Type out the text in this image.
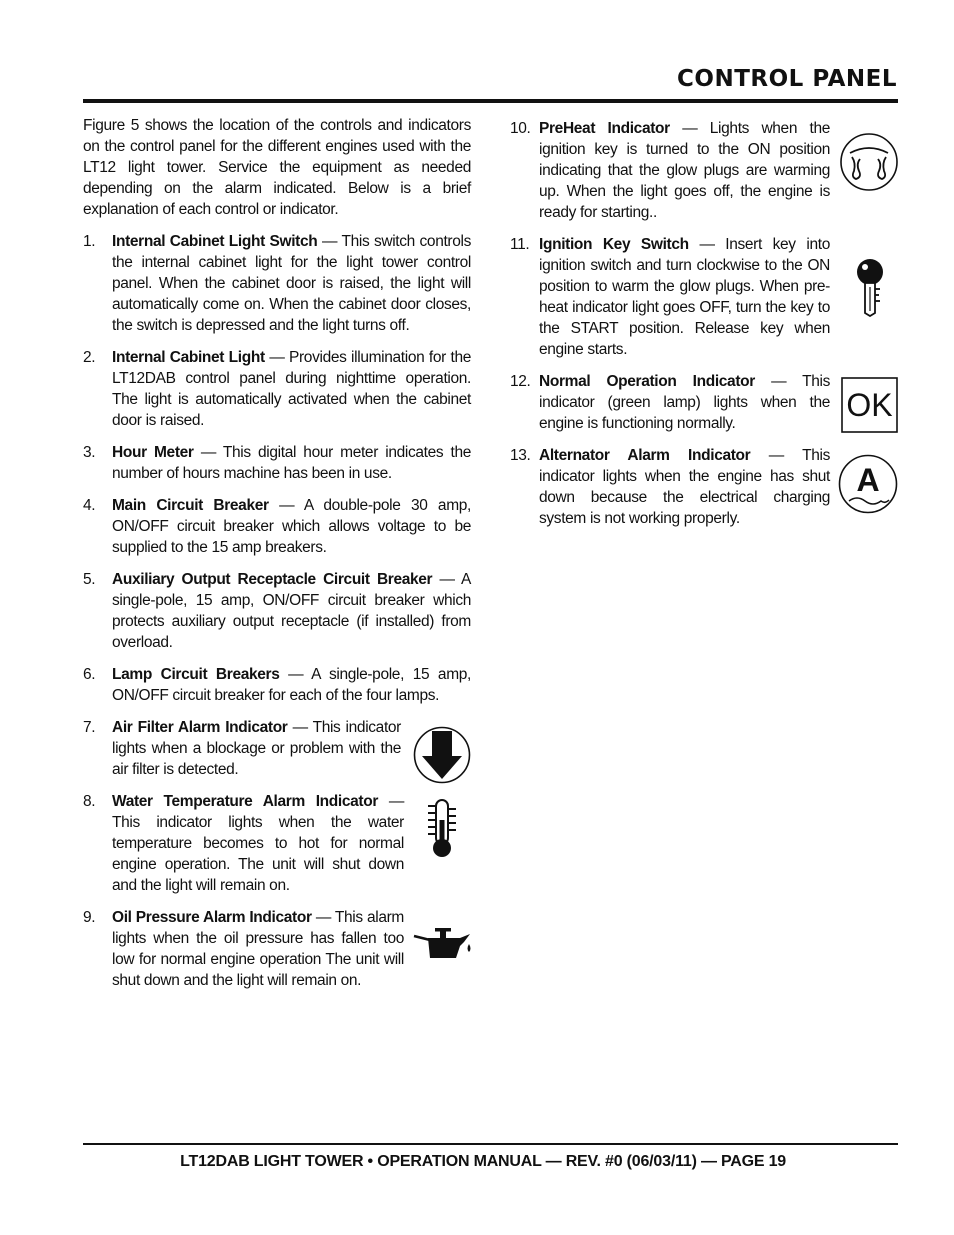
CONTROL PANEL

Figure 5 shows the location of the controls and indicators on the control panel for the different engines used with the LT12 light tower. Service the equipment as needed depending on the alarm indicated. Below is a brief explanation of each control or indicator.

1.	Internal Cabinet Light Switch — This switch controls the internal cabinet light for the light tower control panel. When the cabinet door is raised, the light will automatically come on. When the cabinet door closes, the switch is depressed and the light turns off.
2.	Internal Cabinet Light — Provides illumination for the LT12DAB control panel during nighttime operation. The light is automatically activated when the cabinet door is raised.
3.	Hour Meter — This digital hour meter indicates the number of hours machine has been in use.
4.	Main Circuit Breaker — A double-pole 30 amp, ON/OFF circuit breaker which allows voltage to be supplied to the 15 amp breakers.
5.	Auxiliary Output Receptacle Circuit Breaker — A single-pole, 15 amp, ON/OFF circuit breaker which protects auxiliary output receptacle (if installed) from overload.
6.	Lamp Circuit Breakers — A single-pole, 15 amp, ON/OFF circuit breaker for each of the four lamps.
7.	Air Filter Alarm Indicator — This indicator lights when a blockage or problem with the air filter is detected.
8.	Water Temperature Alarm Indicator — This indicator lights when the water temperature becomes to hot for normal engine operation. The unit will shut down and the light will remain on.
9.	Oil Pressure Alarm Indicator — This alarm lights when the oil pressure has fallen too low for normal engine operation The unit will shut down and the light will remain on.
10. PreHeat Indicator — Lights when the ignition key is turned to the ON position indicating that the glow plugs are warming up. When the light goes off, the engine is ready for starting..
11. Ignition Key Switch — Insert key into ignition switch and turn clockwise to the ON position to warm the glow plugs. When pre-heat indicator light goes OFF, turn the key to the START position. Release key when engine starts.
12. Normal Operation Indicator — This indicator (green lamp) lights when the engine is functioning normally.
13. Alternator Alarm Indicator — This indicator lights when the engine has shut down because the electrical charging system is not working properly.
OK
A
LT12DAB LIGHT TOWER • OPERATION MANUAL — REV. #0 (06/03/11) — PAGE 19
